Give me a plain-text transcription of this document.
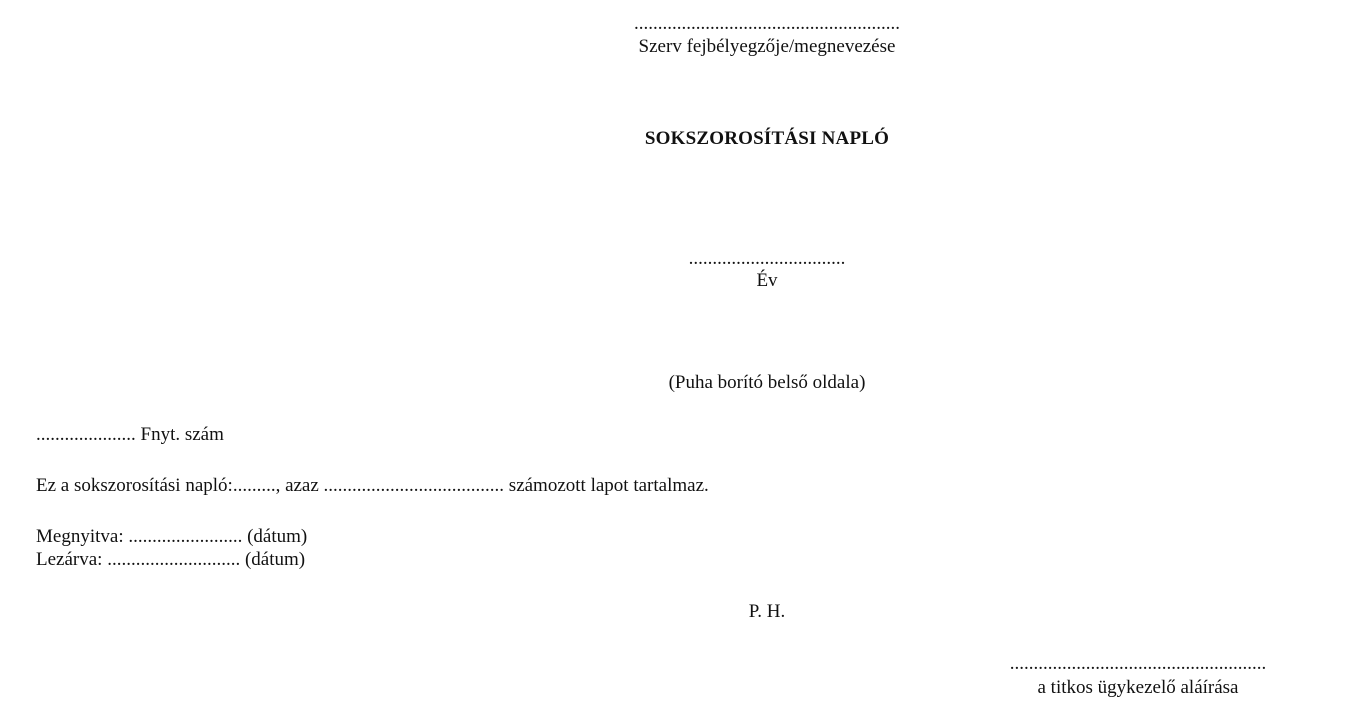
........................................................
Szerv fejbélyegzője/megnevezése
SOKSZOROSÍTÁSI NAPLÓ
.................................
Év
(Puha borító belső oldala)
..................... Fnyt. szám
Ez a sokszorosítási napló:........., azaz ...................................... számozott lapot tartalmaz.
Megnyitva: ........................ (dátum)
Lezárva: ............................ (dátum)
P. H.
......................................................
a titkos ügykezelő aláírása
